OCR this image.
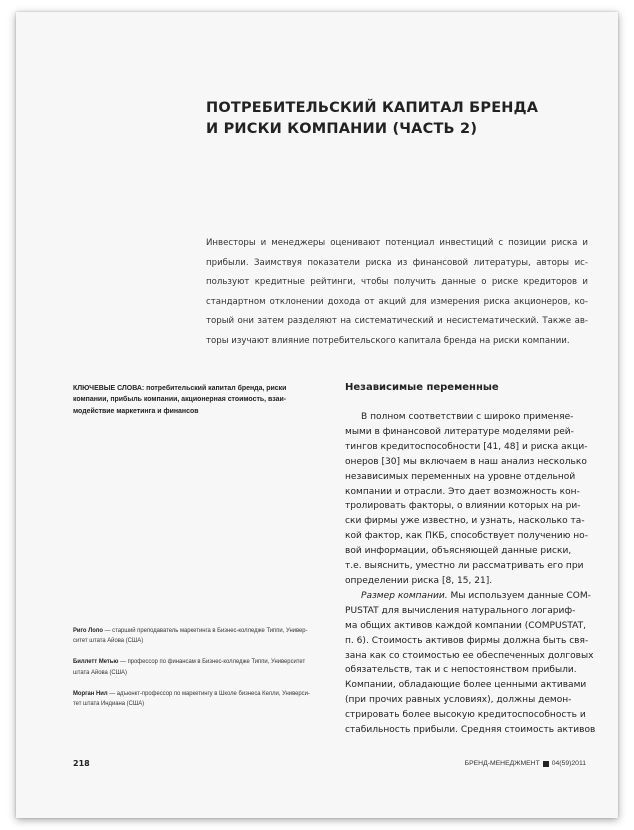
ПОТРЕБИТЕЛЬСКИЙ КАПИТАЛ БРЕНДА
И РИСКИ КОМПАНИИ (ЧАСТЬ 2)

Инвесторы и менеджеры оценивают потенциал инвестиций с позиции риска и
прибыли. Заимствуя показатели риска из финансовой литературы, авторы ис-
пользуют кредитные рейтинги, чтобы получить данные о риске кредиторов и
стандартном отклонении дохода от акций для измерения риска акционеров, ко-
торый они затем разделяют на систематический и несистематический. Также ав-
торы изучают влияние потребительского капитала бренда на риски компании.

КЛЮЧЕВЫЕ СЛОВА: потребительский капитал бренда, риски
компании, прибыль компании, акционерная стоимость, взаи-
модействие маркетинга и финансов

Независимые переменные
В полном соответствии с широко применяе-
мыми в финансовой литературе моделями рей-
тингов кредитоспособности [41, 48] и риска акци-
онеров [30] мы включаем в наш анализ несколько
независимых переменных на уровне отдельной
компании и отрасли. Это дает возможность кон-
тролировать факторы, о влиянии которых на ри-
ски фирмы уже известно, и узнать, насколько та-
кой фактор, как ПКБ, способствует получению но-
вой информации, объясняющей данные риски,
т.е. выяснить, уместно ли рассматривать его при
определении риска [8, 15, 21].
Размер компании. Мы используем данные COM-
PUSTAT для вычисления натурального логариф-
ма общих активов каждой компании (COMPUSTAT,
п. 6). Стоимость активов фирмы должна быть свя-
зана как со стоимостью ее обеспеченных долговых
обязательств, так и с непостоянством прибыли.
Компании, обладающие более ценными активами
(при прочих равных условиях), должны демон-
стрировать более высокую кредитоспособность и
стабильность прибыли. Средняя стоимость активов
Риго Лопо — старший преподаватель маркетинга в Бизнес-колледже Типпи, Универ-
ситет штата Айова (США)
Биллетт Метью — профессор по финансам в Бизнес-колледже Типпи, Университет
штата Айова (США)
Морган Нил — адъюнкт-профессор по маркетингу в Школе бизнеса Келли, Универси-
тет штата Индиана (США)
218	БРЕНД-МЕНЕДЖМЕНТ 04(59)2011
